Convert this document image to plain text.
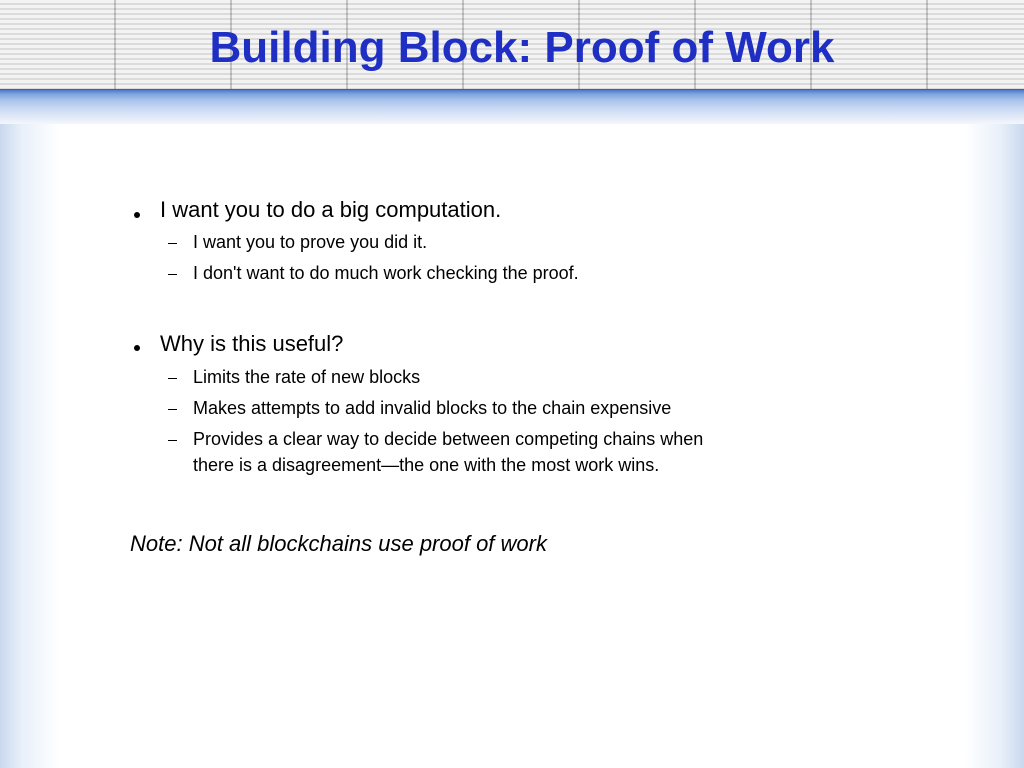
Building Block: Proof of Work
I want you to do a big computation.
I want you to prove you did it.
I don't want to do much work checking the proof.
Why is this useful?
Limits the rate of new blocks
Makes attempts to add invalid blocks to the chain expensive
Provides a clear way to decide between competing chains when
there is a disagreement—the one with the most work wins.
Note: Not all blockchains use proof of work
